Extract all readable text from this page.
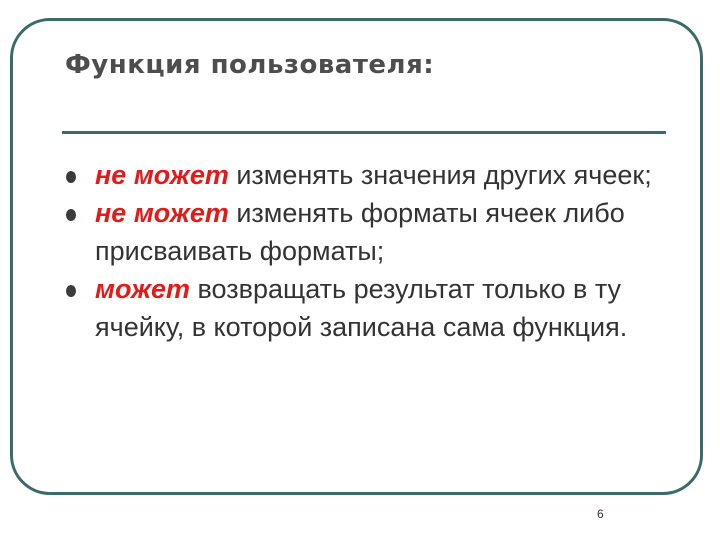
Функция пользователя:
не может изменять значения других ячеек;
не может изменять форматы ячеек либо присваивать форматы;
может возвращать результат только в ту ячейку, в которой записана сама функция.
6
